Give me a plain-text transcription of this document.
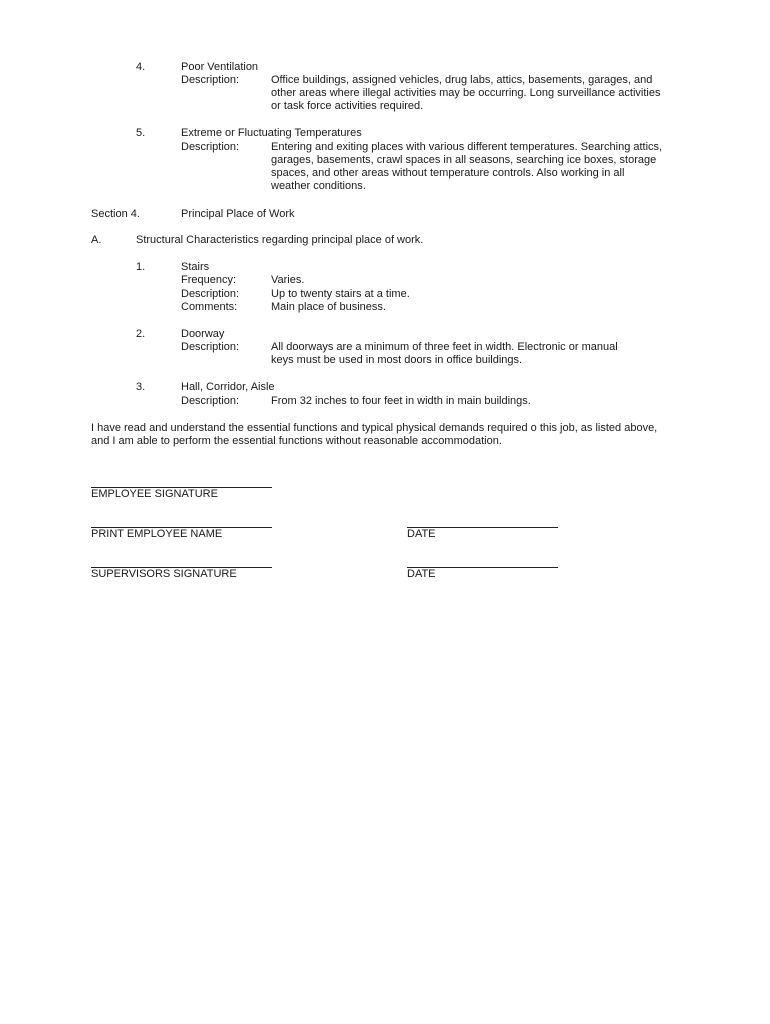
4.	Poor Ventilation
Description:	Office buildings, assigned vehicles, drug labs, attics, basements, garages, and
other areas where illegal activities may be occurring. Long surveillance activities
or task force activities required.
5.	Extreme or Fluctuating Temperatures
Description:	Entering and exiting places with various different temperatures. Searching attics,
garages, basements, crawl spaces in all seasons, searching ice boxes, storage
spaces, and other areas without temperature controls. Also working in all
weather conditions.
Section 4.	Principal Place of Work
A.	Structural Characteristics regarding principal place of work.
1.	Stairs
Frequency:	Varies.
Description:	Up to twenty stairs at a time.
Comments:	Main place of business.
2.	Doorway
Description:	All doorways are a minimum of three feet in width. Electronic or manual
keys must be used in most doors in office buildings.
3.	Hall, Corridor, Aisle
Description:	From 32 inches to four feet in width in main buildings.
I have read and understand the essential functions and typical physical demands required o this job, as listed above,
and I am able to perform the essential functions without reasonable accommodation.
EMPLOYEE SIGNATURE
PRINT EMPLOYEE NAME	DATE
SUPERVISORS SIGNATURE	DATE
